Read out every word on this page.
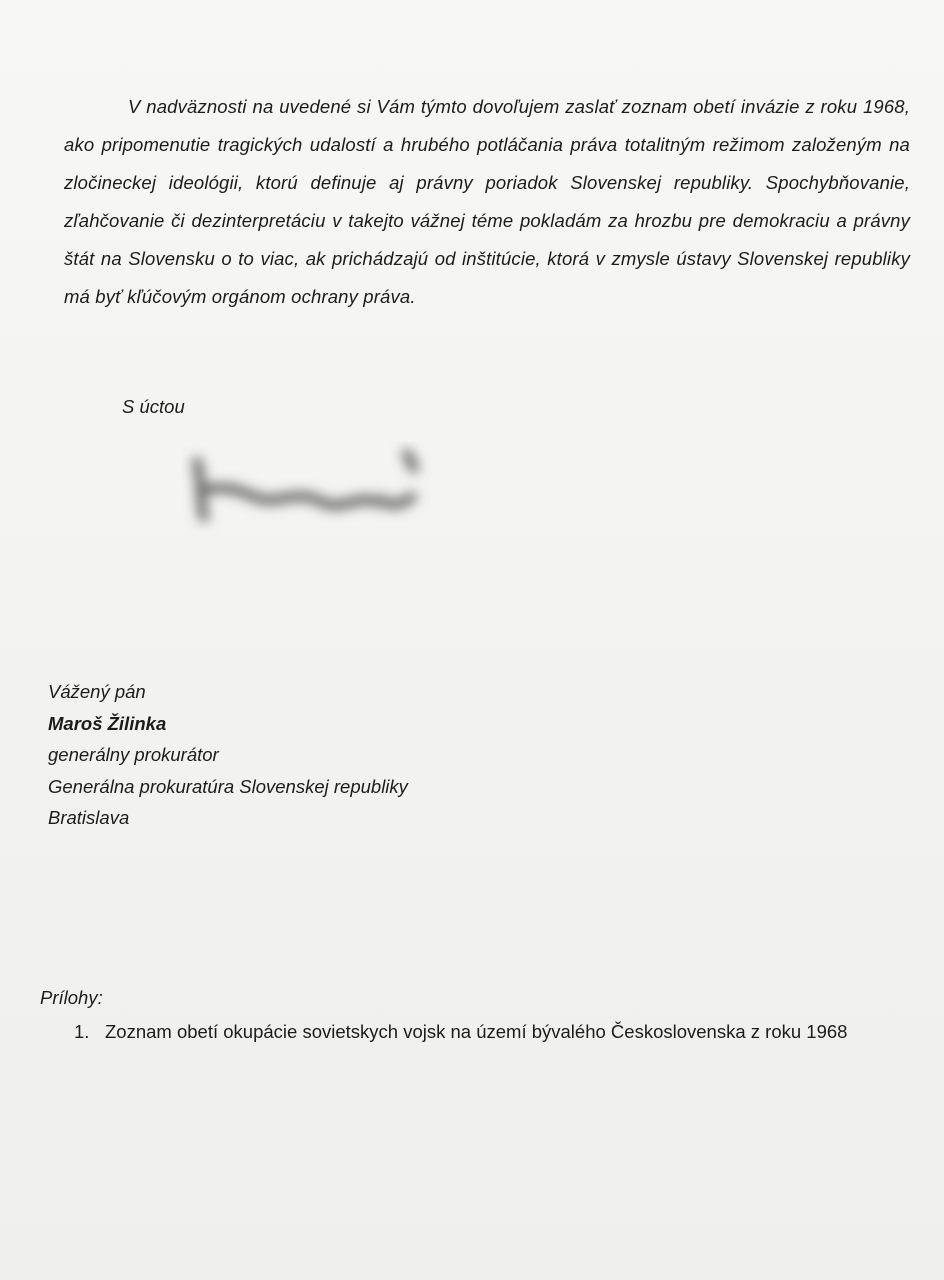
V nadväznosti na uvedené si Vám týmto dovoľujem zaslať zoznam obetí invázie z roku 1968, ako pripomenutie tragických udalostí a hrubého potláčania práva totalitným režimom založeným na zločineckej ideológii, ktorú definuje aj právny poriadok Slovenskej republiky. Spochybňovanie, zľahčovanie či dezinterpretáciu v takejto vážnej téme pokladám za hrozbu pre demokraciu a právny štát na Slovensku o to viac, ak prichádzajú od inštitúcie, ktorá v zmysle ústavy Slovenskej republiky má byť kľúčovým orgánom ochrany práva.

S úctou

Vážený pán
Maroš Žilinka
generálny prokurátor
Generálna prokuratúra Slovenskej republiky
Bratislava

Prílohy:

1. Zoznam obetí okupácie sovietskych vojsk na území bývalého Československa z roku 1968
